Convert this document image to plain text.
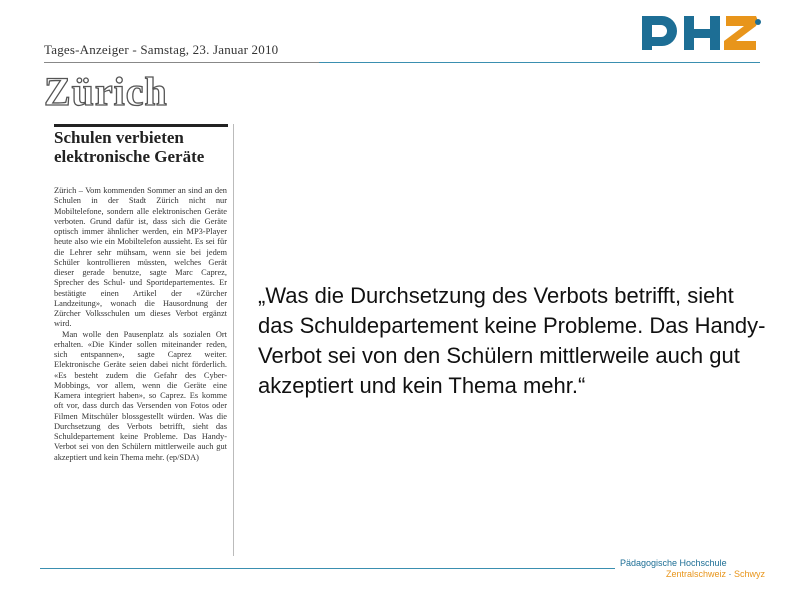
Tages-Anzeiger - Samstag, 23. Januar 2010
Zürich
Schulen verbieten
elektronische Geräte

Zürich – Vom kommenden Sommer an sind an den Schulen in der Stadt Zürich nicht nur Mobiltelefone, sondern alle elektronischen Geräte verboten. Grund dafür ist, dass sich die Geräte optisch immer ähnlicher werden, ein MP3-Player heute also wie ein Mobiltelefon aussieht. Es sei für die Lehrer sehr mühsam, wenn sie bei jedem Schüler kontrollieren müssten, welches Gerät dieser gerade benutze, sagte Marc Caprez, Sprecher des Schul- und Sportdepartementes. Er bestätigte einen Artikel der «Zürcher Landzeitung», wonach die Hausordnung der Zürcher Volksschulen um dieses Verbot ergänzt wird.

Man wolle den Pausenplatz als sozialen Ort erhalten. «Die Kinder sollen miteinander reden, sich entspannen», sagte Caprez weiter. Elektronische Geräte seien dabei nicht förderlich. «Es besteht zudem die Gefahr des Cyber-Mobbings, vor allem, wenn die Geräte eine Kamera integriert haben», so Caprez. Es komme oft vor, dass durch das Versenden von Fotos oder Filmen Mitschüler blossgestellt würden. Was die Durchsetzung des Verbots betrifft, sieht das Schuldepartement keine Probleme. Das Handy-Verbot sei von den Schülern mittlerweile auch gut akzeptiert und kein Thema mehr. (ep/SDA)

„Was die Durchsetzung des Verbots betrifft, sieht das Schuldepartement keine Probleme. Das Handy-Verbot sei von den Schülern mittlerweile auch gut akzeptiert und kein Thema mehr.“
Pädagogische Hochschule
Zentralschweiz · Schwyz
